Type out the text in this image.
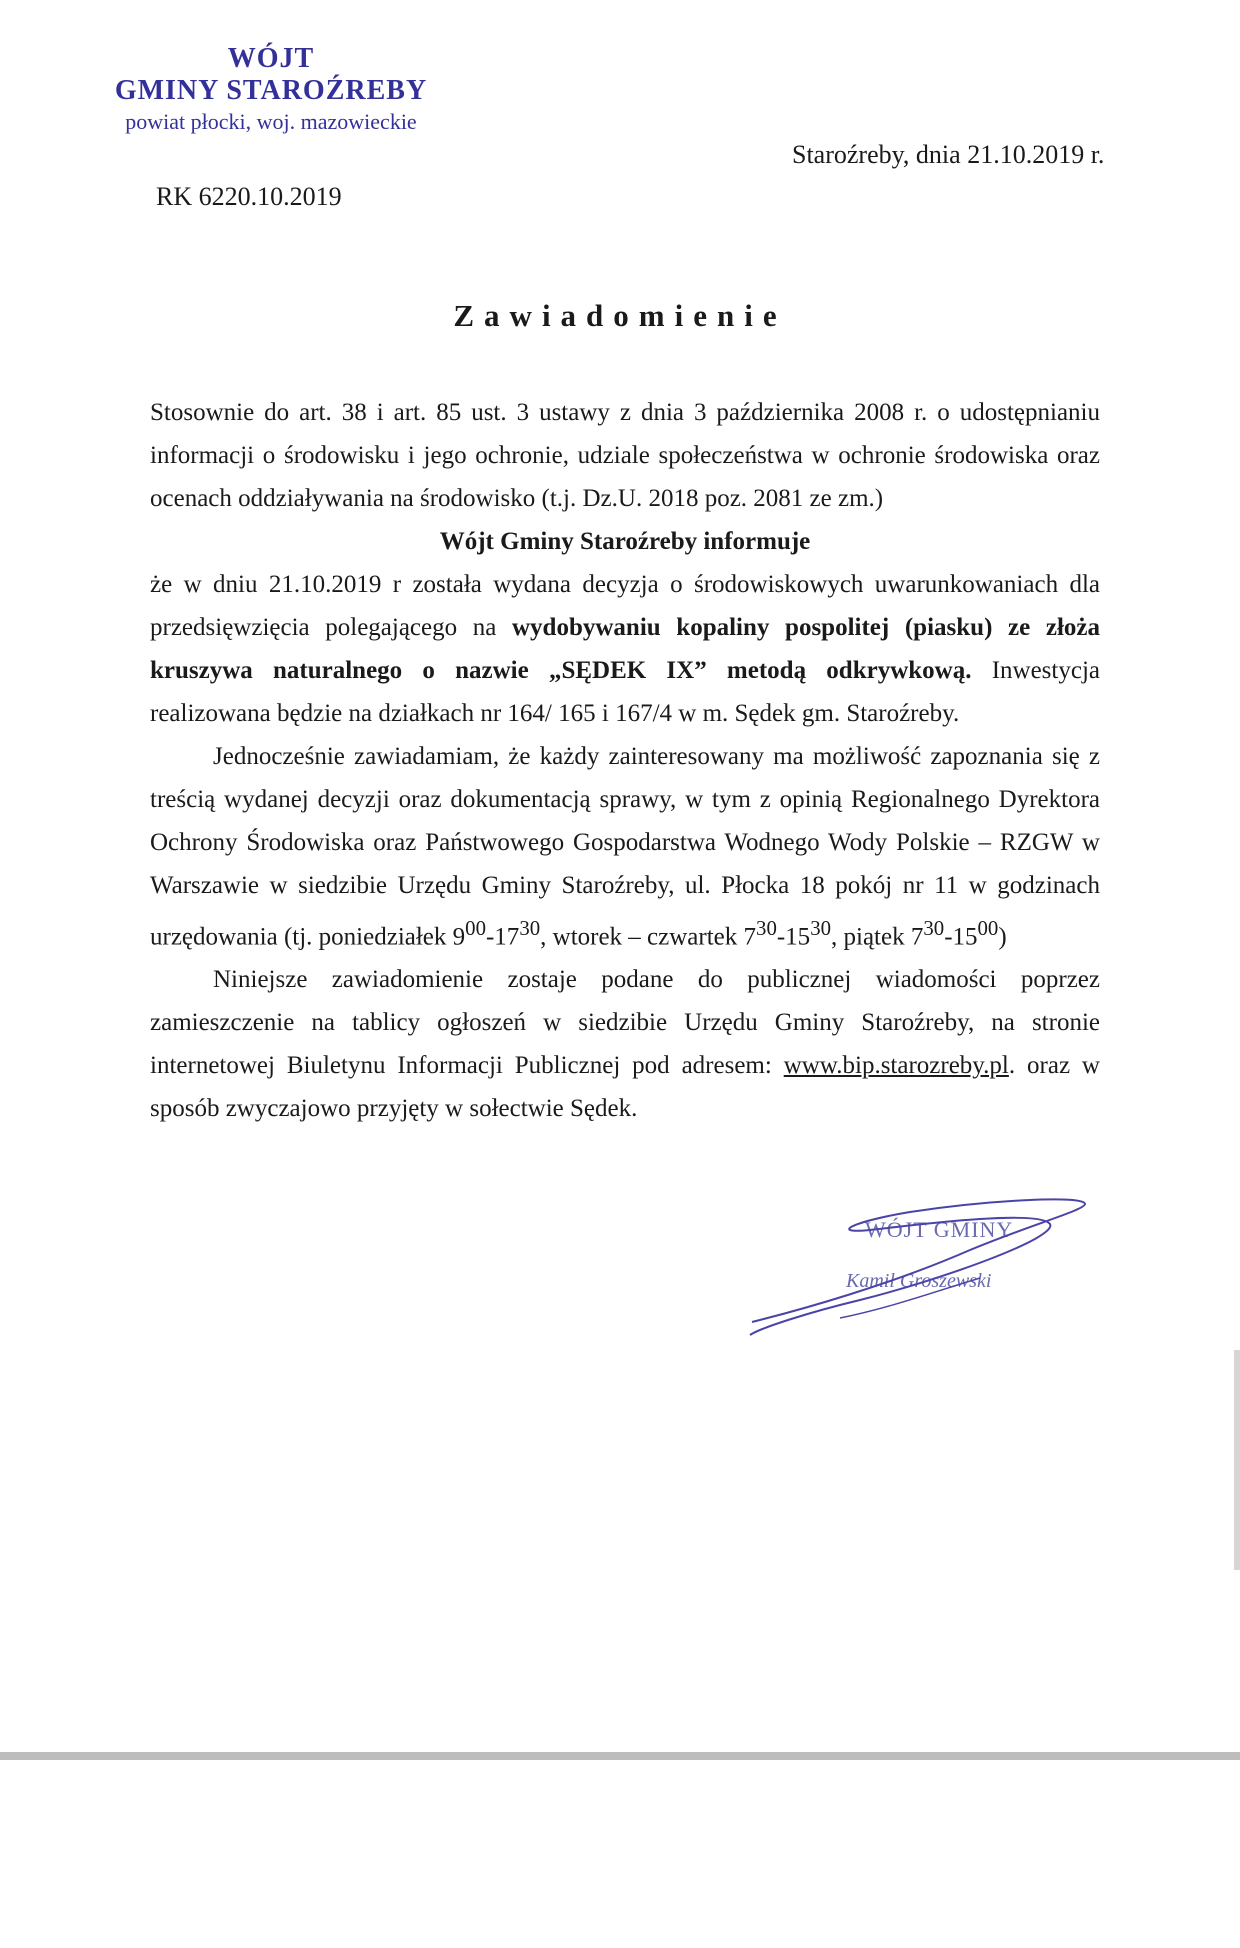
WÓJT
GMINY STAROŹREBY
powiat płocki, woj. mazowieckie
Staroźreby, dnia 21.10.2019 r.
RK 6220.10.2019
Zawiadomienie
Stosownie do art. 38 i art. 85 ust. 3 ustawy z dnia 3 października 2008 r. o udostępnianiu informacji o środowisku i jego ochronie, udziale społeczeństwa w ochronie środowiska oraz ocenach oddziaływania na środowisko (t.j. Dz.U. 2018 poz. 2081 ze zm.)
Wójt Gminy Staroźreby informuje
że w dniu 21.10.2019 r została wydana decyzja o środowiskowych uwarunkowaniach dla przedsięwzięcia polegającego na wydobywaniu kopaliny pospolitej (piasku) ze złoża kruszywa naturalnego o nazwie „SĘDEK IX” metodą odkrywkową. Inwestycja realizowana będzie na działkach nr 164/ 165 i 167/4 w m. Sędek gm. Staroźreby.
Jednocześnie zawiadamiam, że każdy zainteresowany ma możliwość zapoznania się z treścią wydanej decyzji oraz dokumentacją sprawy, w tym z opinią Regionalnego Dyrektora Ochrony Środowiska oraz Państwowego Gospodarstwa Wodnego Wody Polskie – RZGW w Warszawie w siedzibie Urzędu Gminy Staroźreby, ul. Płocka 18 pokój nr 11 w godzinach urzędowania (tj. poniedziałek $9^{00}-17^{30}$, wtorek – czwartek $7^{30}-15^{30}$, piątek $7^{30}-15^{00}$)
Niniejsze zawiadomienie zostaje podane do publicznej wiadomości poprzez zamieszczenie na tablicy ogłoszeń w siedzibie Urzędu Gminy Staroźreby, na stronie internetowej Biuletynu Informacji Publicznej pod adresem: www.bip.starozreby.pl. oraz w sposób zwyczajowo przyjęty w sołectwie Sędek.
WÓJT GMINY
Kamil Groszewski
